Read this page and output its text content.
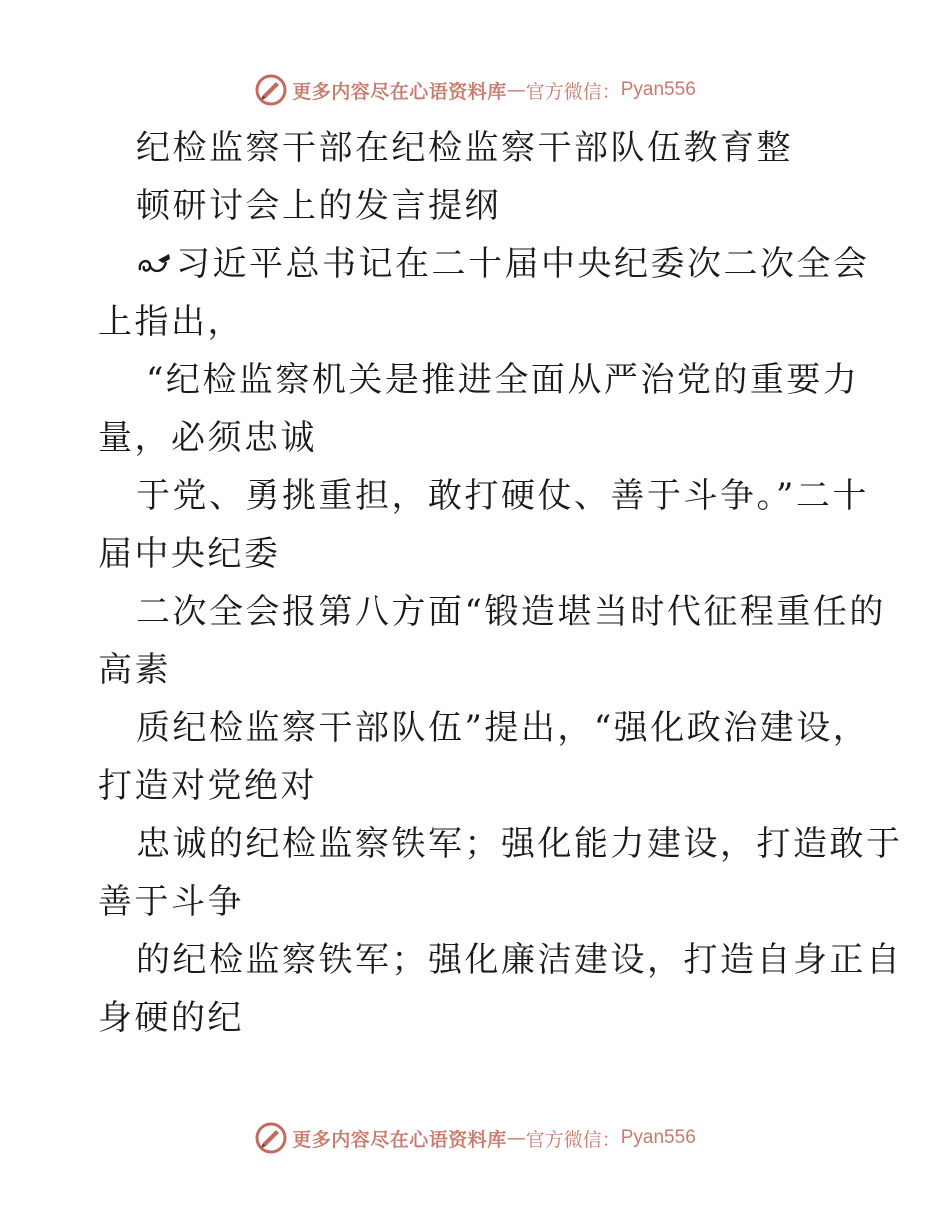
更多内容尽在心语资料库 — 官方微信： Pyan556
纪检监察干部在纪检监察干部队伍教育整
顿研讨会上的发言提纲
习近平总书记在二十届中央纪委次二次全会
上指出，
“纪检监察机关是推进全面从严治党的重要力
量，必须忠诚
于党、勇挑重担，敢打硬仗、善于斗争。”二十
届中央纪委
二次全会报第八方面“锻造堪当时代征程重任的
高素
质纪检监察干部队伍”提出，“强化政治建设，
打造对党绝对
忠诚的纪检监察铁军；强化能力建设，打造敢于
善于斗争
的纪检监察铁军；强化廉洁建设，打造自身正自
身硬的纪
更多内容尽在心语资料库 — 官方微信： Pyan556
